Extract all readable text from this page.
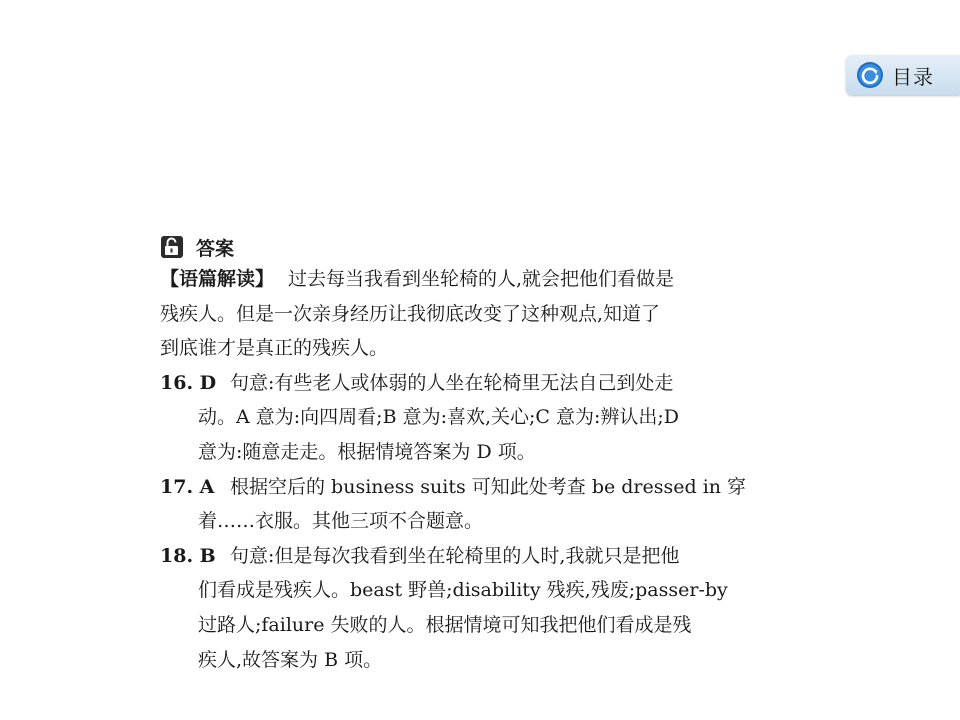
目录
答案
【语篇解读】 过去每当我看到坐轮椅的人,就会把他们看做是
残疾人。但是一次亲身经历让我彻底改变了这种观点,知道了
到底谁才是真正的残疾人。
16. D 句意:有些老人或体弱的人坐在轮椅里无法自己到处走
动。A 意为:向四周看;B 意为:喜欢,关心;C 意为:辨认出;D
意为:随意走走。根据情境答案为 D 项。
17. A 根据空后的 business suits 可知此处考查 be dressed in 穿
着……衣服。其他三项不合题意。
18. B 句意:但是每次我看到坐在轮椅里的人时,我就只是把他
们看成是残疾人。beast 野兽;disability 残疾,残废;passer-by
过路人;failure 失败的人。根据情境可知我把他们看成是残
疾人,故答案为 B 项。
